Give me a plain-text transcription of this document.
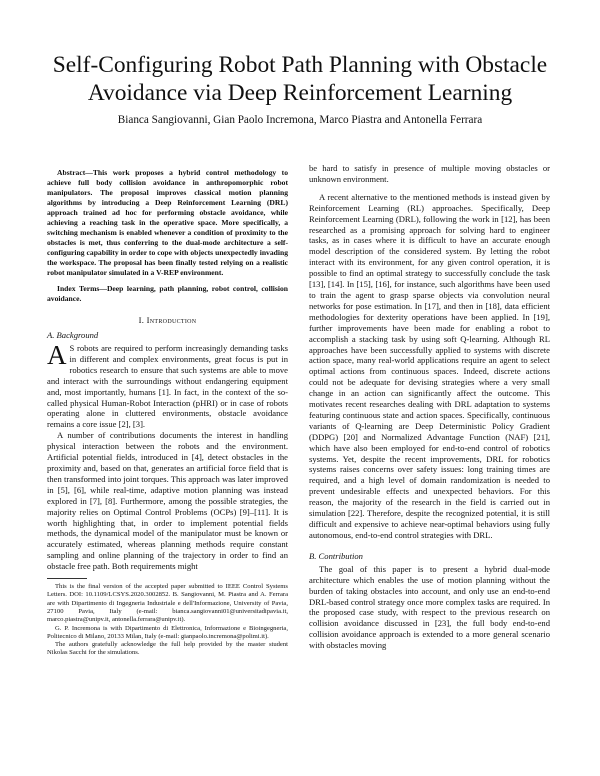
Self-Configuring Robot Path Planning with Obstacle Avoidance via Deep Reinforcement Learning
Bianca Sangiovanni, Gian Paolo Incremona, Marco Piastra and Antonella Ferrara

Abstract—This work proposes a hybrid control methodology to achieve full body collision avoidance in anthropomorphic robot manipulators. The proposal improves classical motion planning algorithms by introducing a Deep Reinforcement Learning (DRL) approach trained ad hoc for performing obstacle avoidance, while achieving a reaching task in the operative space. More specifically, a switching mechanism is enabled whenever a condition of proximity to the obstacles is met, thus conferring to the dual-mode architecture a self-configuring capability in order to cope with objects unexpectedly invading the workspace. The proposal has been finally tested relying on a realistic robot manipulator simulated in a V-REP environment.

Index Terms—Deep learning, path planning, robot control, collision avoidance.

I. Introduction
A. Background

A S robots are required to perform increasingly demanding tasks in different and complex environments, great focus is put in robotics research to ensure that such systems are able to move and interact with the surroundings without endangering equipment and, most importantly, humans [1]. In fact, in the context of the so-called physical Human-Robot Interaction (pHRI) or in case of robots operating alone in cluttered environments, obstacle avoidance remains a core issue [2], [3].

A number of contributions documents the interest in handling physical interaction between the robots and the environment. Artificial potential fields, introduced in [4], detect obstacles in the proximity and, based on that, generates an artificial force field that is then transformed into joint torques. This approach was later improved in [5], [6], while real-time, adaptive motion planning was instead explored in [7], [8]. Furthermore, among the possible strategies, the majority relies on Optimal Control Problems (OCPs) [9]–[11]. It is worth highlighting that, in order to implement potential fields methods, the dynamical model of the manipulator must be known or accurately estimated, whereas planning methods require constant sampling and online planning of the trajectory in order to find an obstacle free path. Both requirements might

This is the final version of the accepted paper submitted to IEEE Control Systems Letters. DOI: 10.1109/LCSYS.2020.3002852. B. Sangiovanni, M. Piastra and A. Ferrara are with Dipartimento di Ingegneria Industriale e dell'Informazione, University of Pavia, 27100 Pavia, Italy (e-mail: bianca.sangiovanni01@universitadipavia.it, marco.piastra@unipv.it, antonella.ferrara@unipv.it).

G. P. Incremona is with Dipartimento di Elettronica, Informazione e Bioingegneria, Politecnico di Milano, 20133 Milan, Italy (e-mail: gianpaolo.incremona@polimi.it).

The authors gratefully acknowledge the full help provided by the master student Nikolas Sacchi for the simulations.

be hard to satisfy in presence of multiple moving obstacles or unknown environment.

A recent alternative to the mentioned methods is instead given by Reinforcement Learning (RL) approaches. Specifically, Deep Reinforcement Learning (DRL), following the work in [12], has been researched as a promising approach for solving hard to engineer tasks, as in cases where it is difficult to have an accurate enough model description of the considered system. By letting the robot interact with its environment, for any given control operation, it is possible to find an optimal strategy to successfully conclude the task [13], [14]. In [15], [16], for instance, such algorithms have been used to train the agent to grasp sparse objects via convolution neural networks for pose estimation. In [17], and then in [18], data efficient methodologies for dexterity operations have been applied. In [19], further improvements have been made for enabling a robot to accomplish a stacking task by using soft Q-learning. Although RL approaches have been successfully applied to systems with discrete action space, many real-world applications require an agent to select optimal actions from continuous spaces. Indeed, discrete actions could not be adequate for devising strategies where a very small change in an action can significantly affect the outcome. This motivates recent researches dealing with DRL adaptation to systems featuring continuous state and action spaces. Specifically, continuous variants of Q-learning are Deep Deterministic Policy Gradient (DDPG) [20] and Normalized Advantage Function (NAF) [21], which have also been employed for end-to-end control of robotics systems. Yet, despite the recent improvements, DRL for robotics systems raises concerns over safety issues: long training times are required, and a high level of domain randomization is needed to prevent undesirable effects and unexpected behaviors. For this reason, the majority of the research in the field is carried out in simulation [22]. Therefore, despite the recognized potential, it is still difficult and expensive to achieve near-optimal behaviors using fully autonomous, end-to-end control strategies with DRL.

B. Contribution

The goal of this paper is to present a hybrid dual-mode architecture which enables the use of motion planning without the burden of taking obstacles into account, and only use an end-to-end DRL-based control strategy once more complex tasks are required. In the proposed case study, with respect to the previous research on collision avoidance discussed in [23], the full body end-to-end collision avoidance approach is extended to a more general scenario with obstacles moving
